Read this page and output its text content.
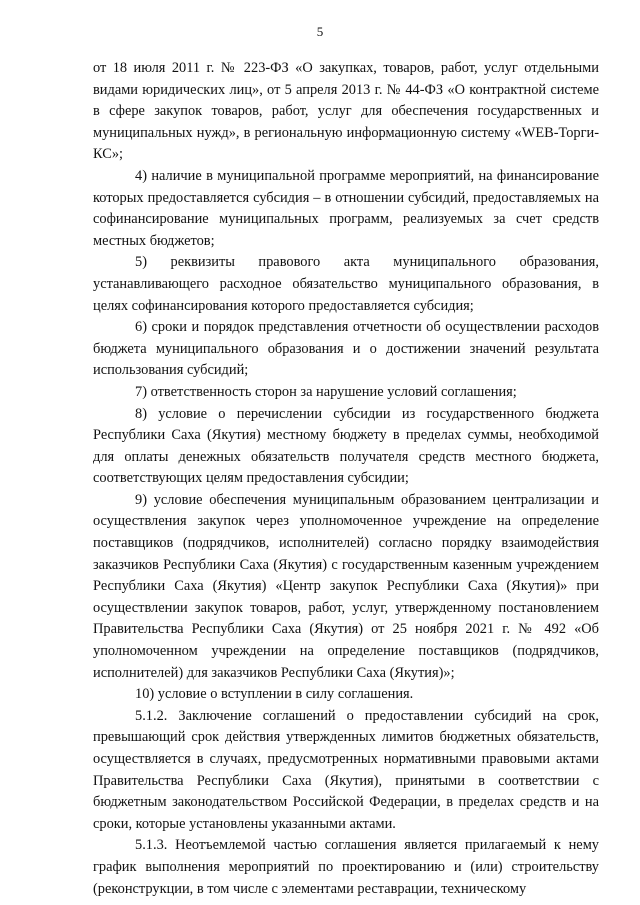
5

от 18 июля 2011 г. № 223-ФЗ «О закупках, товаров, работ, услуг отдельными видами юридических лиц», от 5 апреля 2013 г. № 44-ФЗ «О контрактной системе в сфере закупок товаров, работ, услуг для обеспечения государственных и муниципальных нужд», в региональную информационную систему «WEB-Торги-КС»;

4) наличие в муниципальной программе мероприятий, на финансирование которых предоставляется субсидия – в отношении субсидий, предоставляемых на софинансирование муниципальных программ, реализуемых за счет средств местных бюджетов;

5) реквизиты правового акта муниципального образования, устанавливающего расходное обязательство муниципального образования, в целях софинансирования которого предоставляется субсидия;

6) сроки и порядок представления отчетности об осуществлении расходов бюджета муниципального образования и о достижении значений результата использования субсидий;

7) ответственность сторон за нарушение условий соглашения;

8) условие о перечислении субсидии из государственного бюджета Республики Саха (Якутия) местному бюджету в пределах суммы, необходимой для оплаты денежных обязательств получателя средств местного бюджета, соответствующих целям предоставления субсидии;

9) условие обеспечения муниципальным образованием централизации и осуществления закупок через уполномоченное учреждение на определение поставщиков (подрядчиков, исполнителей) согласно порядку взаимодействия заказчиков Республики Саха (Якутия) с государственным казенным учреждением Республики Саха (Якутия) «Центр закупок Республики Саха (Якутия)» при осуществлении закупок товаров, работ, услуг, утвержденному постановлением Правительства Республики Саха (Якутия) от 25 ноября 2021 г. № 492 «Об уполномоченном учреждении на определение поставщиков (подрядчиков, исполнителей) для заказчиков Республики Саха (Якутия)»;

10) условие о вступлении в силу соглашения.

5.1.2. Заключение соглашений о предоставлении субсидий на срок, превышающий срок действия утвержденных лимитов бюджетных обязательств, осуществляется в случаях, предусмотренных нормативными правовыми актами Правительства Республики Саха (Якутия), принятыми в соответствии с бюджетным законодательством Российской Федерации, в пределах средств и на сроки, которые установлены указанными актами.

5.1.3. Неотъемлемой частью соглашения является прилагаемый к нему график выполнения мероприятий по проектированию и (или) строительству (реконструкции, в том числе с элементами реставрации, техническому
